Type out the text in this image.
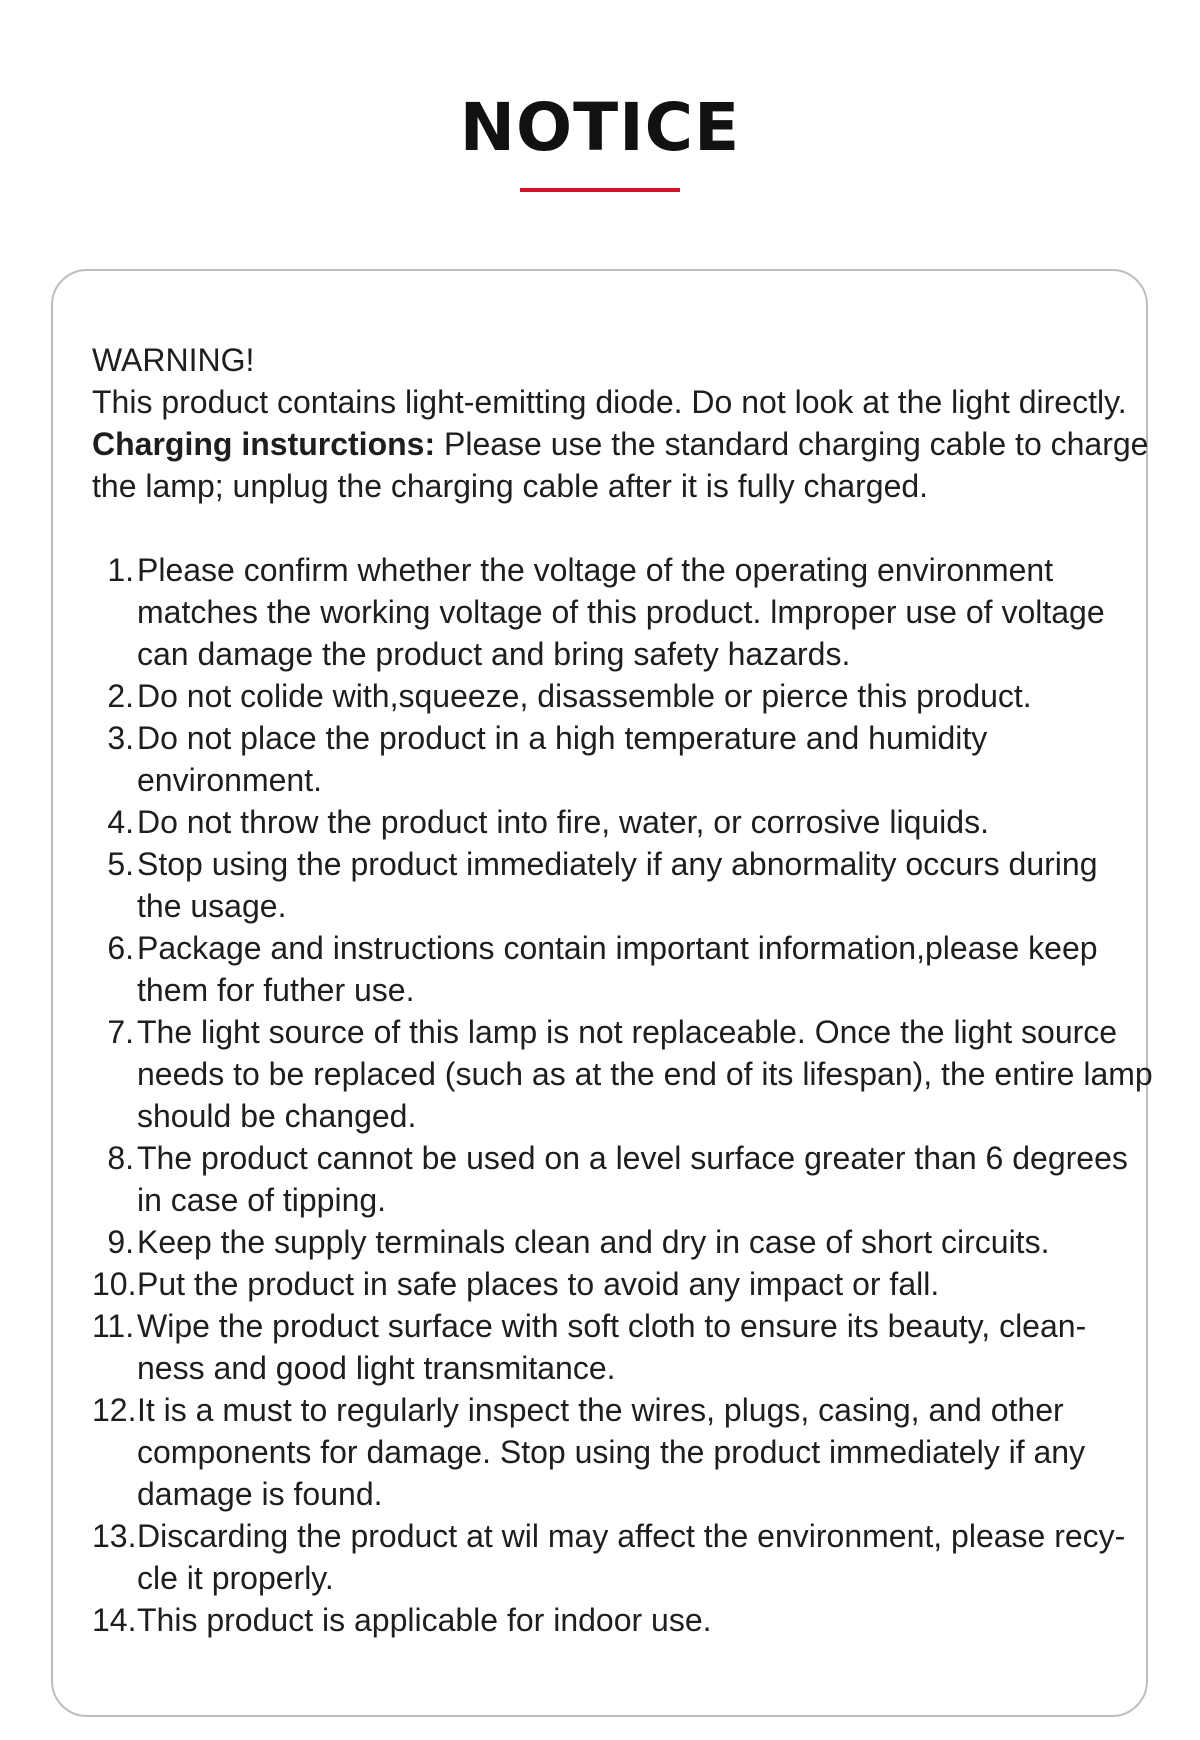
NOTICE

WARNING!

This product contains light-emitting diode. Do not look at the light directly.

Charging insturctions: Please use the standard charging cable to charge

the lamp; unplug the charging cable after it is fully charged.

1. Please confirm whether the voltage of the operating environment
matches the working voltage of this product. lmproper use of voltage
can damage the product and bring safety hazards.
2. Do not colide with,squeeze, disassemble or pierce this product.
3. Do not place the product in a high temperature and humidity
environment.
4. Do not throw the product into fire, water, or corrosive liquids.
5. Stop using the product immediately if any abnormality occurs during
the usage.
6. Package and instructions contain important information,please keep
them for futher use.
7. The light source of this lamp is not replaceable. Once the light source
needs to be replaced (such as at the end of its lifespan), the entire lamp
should be changed.
8. The product cannot be used on a level surface greater than 6 degrees
in case of tipping.
9. Keep the supply terminals clean and dry in case of short circuits.
10. Put the product in safe places to avoid any impact or fall.
11. Wipe the product surface with soft cloth to ensure its beauty, clean-
ness and good light transmitance.
12. It is a must to regularly inspect the wires, plugs, casing, and other
components for damage. Stop using the product immediately if any
damage is found.
13. Discarding the product at wil may affect the environment, please recy-
cle it properly.
14. This product is applicable for indoor use.
